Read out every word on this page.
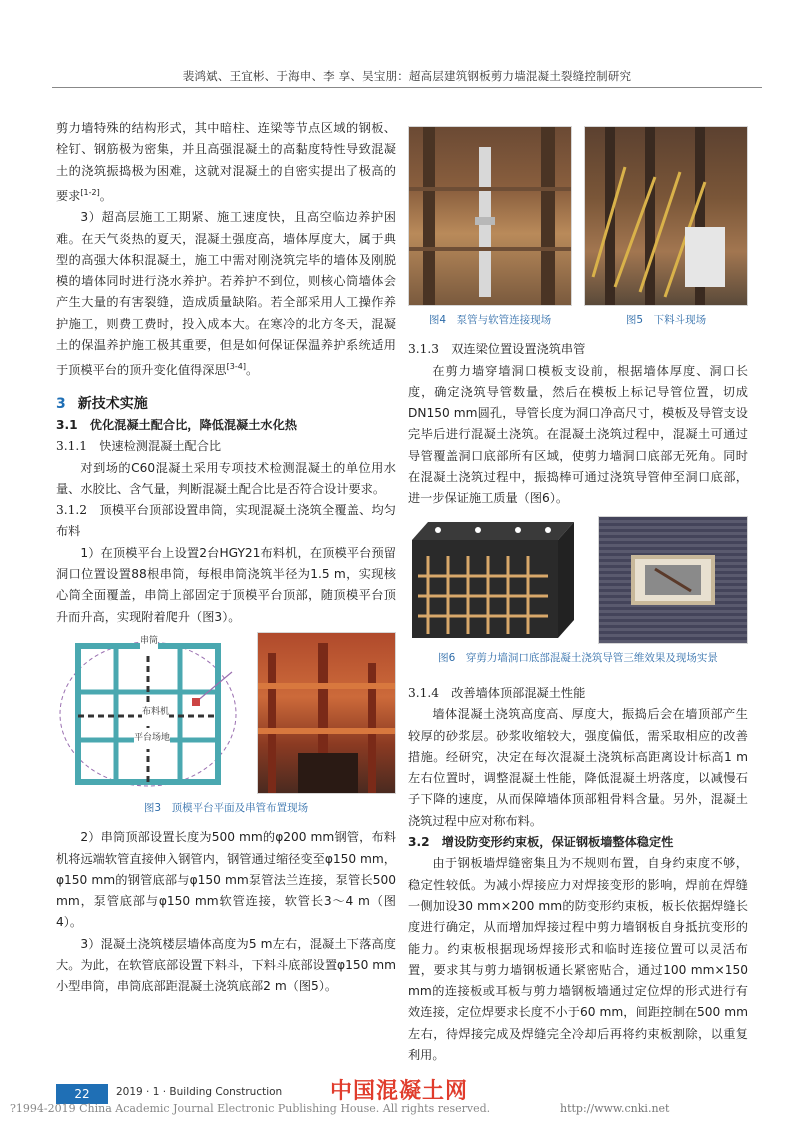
裴鸿斌、王宜彬、于海申、李 享、吴宝朋：超高层建筑钢板剪力墙混凝土裂缝控制研究

剪力墙特殊的结构形式，其中暗柱、连梁等节点区域的钢板、栓钉、钢筋极为密集，并且高强混凝土的高黏度特性导致混凝土的浇筑振捣极为困难，这就对混凝土的自密实提出了极高的要求[1-2]。

3）超高层施工工期紧、施工速度快，且高空临边养护困难。在天气炎热的夏天，混凝土强度高，墙体厚度大，属于典型的高强大体积混凝土，施工中需对刚浇筑完毕的墙体及刚脱模的墙体同时进行浇水养护。若养护不到位，则核心筒墙体会产生大量的有害裂缝，造成质量缺陷。若全部采用人工操作养护施工，则费工费时，投入成本大。在寒冷的北方冬天，混凝土的保温养护施工极其重要，但是如何保证保温养护系统适用于顶模平台的顶升变化值得深思[3-4]。

3 新技术实施

3.1　优化混凝土配合比，降低混凝土水化热

3.1.1　快速检测混凝土配合比

对到场的C60混凝土采用专项技术检测混凝土的单位用水量、水胶比、含气量，判断混凝土配合比是否符合设计要求。

3.1.2　顶模平台顶部设置串筒，实现混凝土浇筑全覆盖、均匀布料

1）在顶模平台上设置2台HGY21布料机，在顶模平台预留洞口位置设置88根串筒，每根串筒浇筑半径为1.5 m，实现核心筒全面覆盖，串筒上部固定于顶模平台顶部，随顶模平台顶升而升高，实现附着爬升（图3）。

串筒
布料机
平台场地
图3　顶模平台平面及串管布置现场

2）串筒顶部设置长度为500 mm的φ200 mm钢管，布料机将远端软管直接伸入钢管内，钢管通过缩径变至φ150 mm，φ150 mm的钢管底部与φ150 mm泵管法兰连接，泵管长500 mm，泵管底部与φ150 mm软管连接，软管长3～4 m（图4）。

3）混凝土浇筑楼层墙体高度为5 m左右，混凝土下落高度大。为此，在软管底部设置下料斗，下料斗底部设置φ150 mm小型串筒，串筒底部距混凝土浇筑底部2 m（图5）。

图4　泵管与软管连接现场	图5　下料斗现场

3.1.3　双连梁位置设置浇筑串管

在剪力墙穿墙洞口模板支设前，根据墙体厚度、洞口长度，确定浇筑导管数量，然后在模板上标记导管位置，切成DN150 mm圆孔，导管长度为洞口净高尺寸，模板及导管支设完毕后进行混凝土浇筑。在混凝土浇筑过程中，混凝土可通过导管覆盖洞口底部所有区域，使剪力墙洞口底部无死角。同时在混凝土浇筑过程中，振捣棒可通过浇筑导管伸至洞口底部，进一步保证施工质量（图6）。

图6　穿剪力墙洞口底部混凝土浇筑导管三维效果及现场实景

3.1.4　改善墙体顶部混凝土性能

墙体混凝土浇筑高度高、厚度大，振捣后会在墙顶部产生较厚的砂浆层。砂浆收缩较大，强度偏低，需采取相应的改善措施。经研究，决定在每次混凝土浇筑标高距离设计标高1 m左右位置时，调整混凝土性能，降低混凝土坍落度，以减慢石子下降的速度，从而保障墙体顶部粗骨料含量。另外，混凝土浇筑过程中应对称布料。

3.2　增设防变形约束板，保证钢板墙整体稳定性

由于钢板墙焊缝密集且为不规则布置，自身约束度不够，稳定性较低。为减小焊接应力对焊接变形的影响，焊前在焊缝一侧加设30 mm×200 mm的防变形约束板，板长依据焊缝长度进行确定，从而增加焊接过程中剪力墙钢板自身抵抗变形的能力。约束板根据现场焊接形式和临时连接位置可以灵活布置，要求其与剪力墙钢板通长紧密贴合，通过100 mm×150 mm的连接板或耳板与剪力墙钢板墙通过定位焊的形式进行有效连接，定位焊要求长度不小于60 mm，间距控制在500 mm左右，待焊接完成及焊缝完全冷却后再将约束板割除，以重复利用。

22	2019 · 1 · Building Construction 中国混凝土网
?1994-2019 China Academic Journal Electronic Publishing House. All rights reserved.	http://www.cnki.net
